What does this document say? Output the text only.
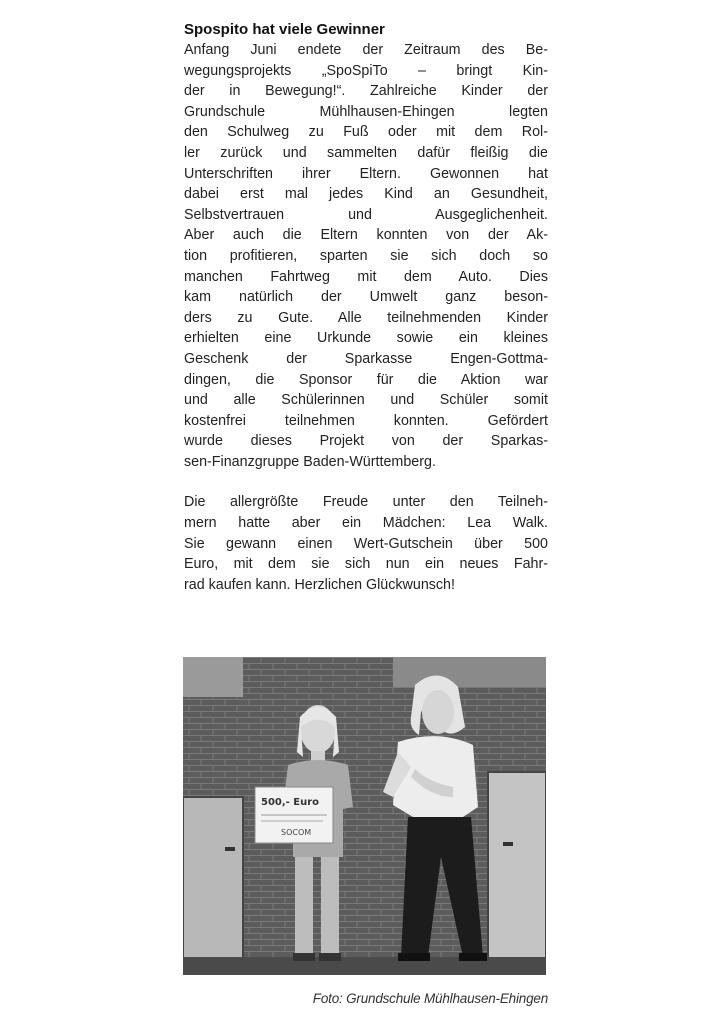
Spospito hat viele Gewinner
Anfang Juni endete der Zeitraum des Be-
wegungsprojekts „SpoSpiTo – bringt Kin-
der in Bewegung!“. Zahlreiche Kinder der
Grundschule Mühlhausen-Ehingen legten
den Schulweg zu Fuß oder mit dem Rol-
ler zurück und sammelten dafür fleißig die
Unterschriften ihrer Eltern. Gewonnen hat
dabei erst mal jedes Kind an Gesundheit,
Selbstvertrauen und Ausgeglichenheit.
Aber auch die Eltern konnten von der Ak-
tion profitieren, sparten sie sich doch so
manchen Fahrtweg mit dem Auto. Dies
kam natürlich der Umwelt ganz beson-
ders zu Gute. Alle teilnehmenden Kinder
erhielten eine Urkunde sowie ein kleines
Geschenk der Sparkasse Engen-Gottma-
dingen, die Sponsor für die Aktion war
und alle Schülerinnen und Schüler somit
kostenfrei teilnehmen konnten. Gefördert
wurde dieses Projekt von der Sparkas-
sen-Finanzgruppe Baden-Württemberg.
Die allergrößte Freude unter den Teilneh-
mern hatte aber ein Mädchen: Lea Walk.
Sie gewann einen Wert-Gutschein über 500
Euro, mit dem sie sich nun ein neues Fahr-
rad kaufen kann. Herzlichen Glückwunsch!
500,- Euro
SOCOM
Foto: Grundschule Mühlhausen-Ehingen
